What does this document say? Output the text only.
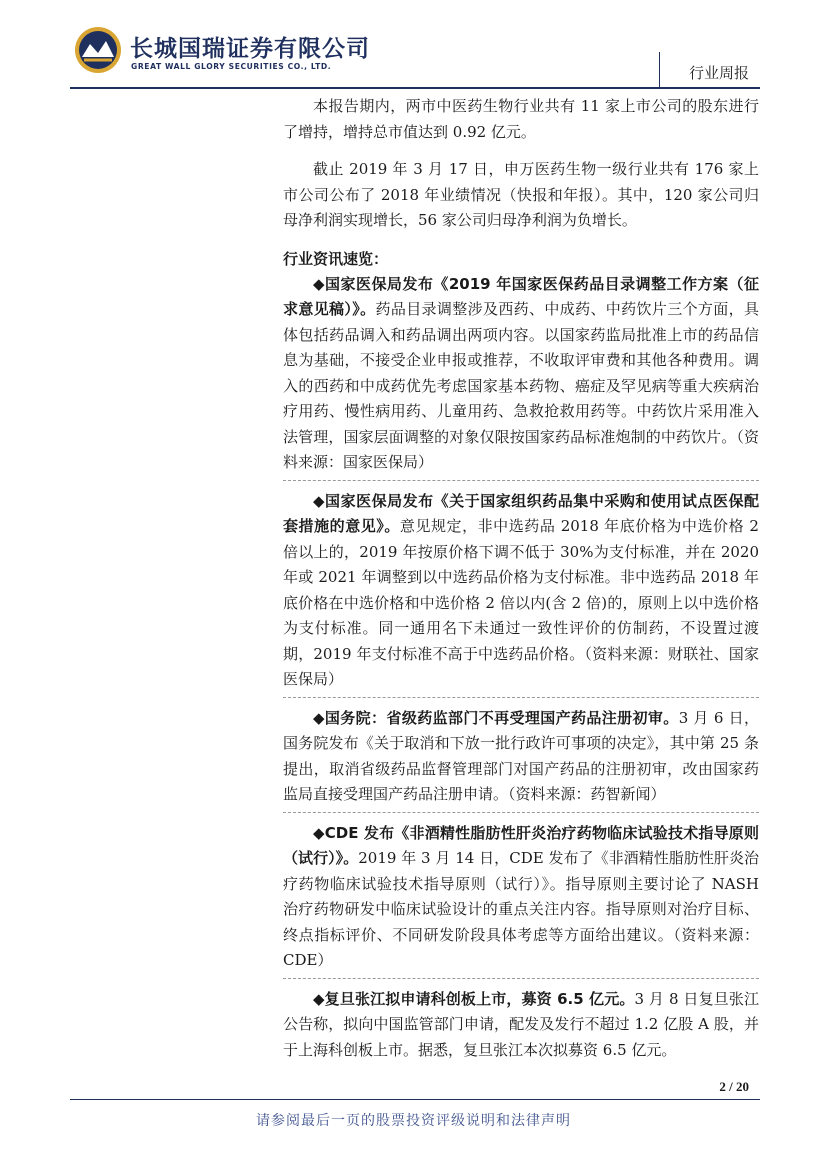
长城国瑞证券有限公司
GREAT WALL GLORY SECURITIES CO., LTD.	行业周报

本报告期内，两市中医药生物行业共有 11 家上市公司的股东进行了增持，增持总市值达到 0.92 亿元。

截止 2019 年 3 月 17 日，申万医药生物一级行业共有 176 家上市公司公布了 2018 年业绩情况（快报和年报）。其中，120 家公司归母净利润实现增长，56 家公司归母净利润为负增长。

行业资讯速览：

◆国家医保局发布《2019 年国家医保药品目录调整工作方案（征求意见稿）》。药品目录调整涉及西药、中成药、中药饮片三个方面，具体包括药品调入和药品调出两项内容。以国家药监局批准上市的药品信息为基础，不接受企业申报或推荐，不收取评审费和其他各种费用。调入的西药和中成药优先考虑国家基本药物、癌症及罕见病等重大疾病治疗用药、慢性病用药、儿童用药、急救抢救用药等。中药饮片采用准入法管理，国家层面调整的对象仅限按国家药品标准炮制的中药饮片。（资料来源：国家医保局）

◆国家医保局发布《关于国家组织药品集中采购和使用试点医保配套措施的意见》。意见规定，非中选药品 2018 年底价格为中选价格 2 倍以上的，2019 年按原价格下调不低于 30%为支付标准，并在 2020 年或 2021 年调整到以中选药品价格为支付标准。非中选药品 2018 年底价格在中选价格和中选价格 2 倍以内(含 2 倍)的，原则上以中选价格为支付标准。同一通用名下未通过一致性评价的仿制药，不设置过渡期，2019 年支付标准不高于中选药品价格。（资料来源：财联社、国家医保局）

◆国务院：省级药监部门不再受理国产药品注册初审。3 月 6 日，国务院发布《关于取消和下放一批行政许可事项的决定》，其中第 25 条提出，取消省级药品监督管理部门对国产药品的注册初审，改由国家药监局直接受理国产药品注册申请。（资料来源：药智新闻）

◆CDE 发布《非酒精性脂肪性肝炎治疗药物临床试验技术指导原则（试行）》。2019 年 3 月 14 日，CDE 发布了《非酒精性脂肪性肝炎治疗药物临床试验技术指导原则（试行）》。指导原则主要讨论了 NASH 治疗药物研发中临床试验设计的重点关注内容。指导原则对治疗目标、终点指标评价、不同研发阶段具体考虑等方面给出建议。（资料来源：CDE）

◆复旦张江拟申请科创板上市，募资 6.5 亿元。3 月 8 日复旦张江公告称，拟向中国监管部门申请，配发及发行不超过 1.2 亿股 A 股，并于上海科创板上市。据悉，复旦张江本次拟募资 6.5 亿元。

2 / 20
请参阅最后一页的股票投资评级说明和法律声明
